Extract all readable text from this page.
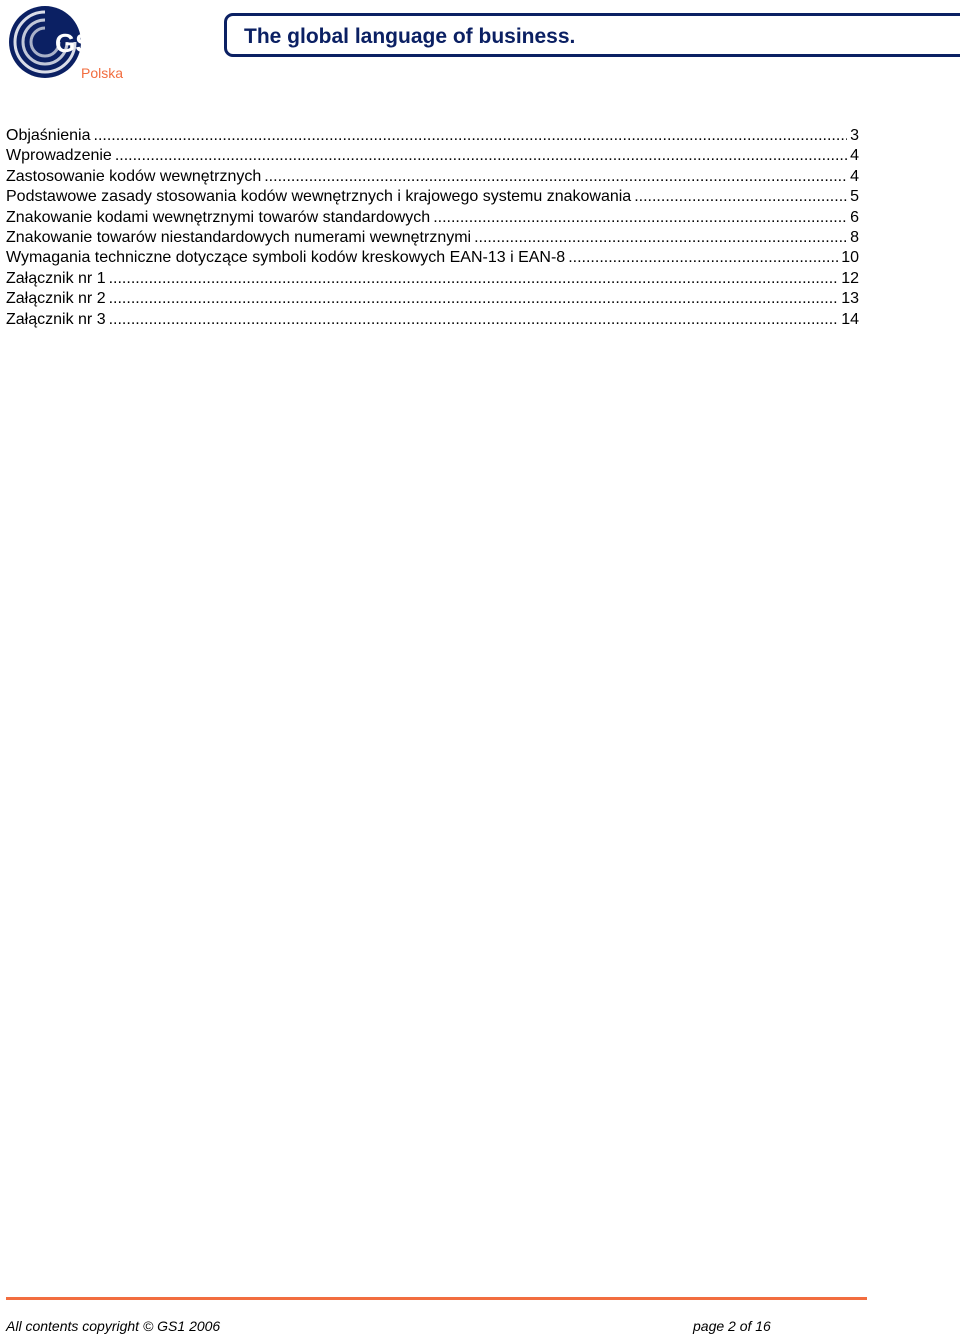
GS1
Polska
The global language of business.
Objaśnienia .....	3
Wprowadzenie .....	4
Zastosowanie kodów wewnętrznych .....	4
Podstawowe zasady stosowania kodów wewnętrznych i krajowego systemu znakowania .....	5
Znakowanie kodami wewnętrznymi towarów standardowych .....	6
Znakowanie towarów niestandardowych numerami wewnętrznymi .....	8
Wymagania techniczne dotyczące symboli kodów kreskowych EAN-13 i EAN-8 .....	10
Załącznik nr 1 .....	12
Załącznik nr 2 .....	13
Załącznik nr 3 .....	14
All contents copyright © GS1 2006	page 2 of 16
